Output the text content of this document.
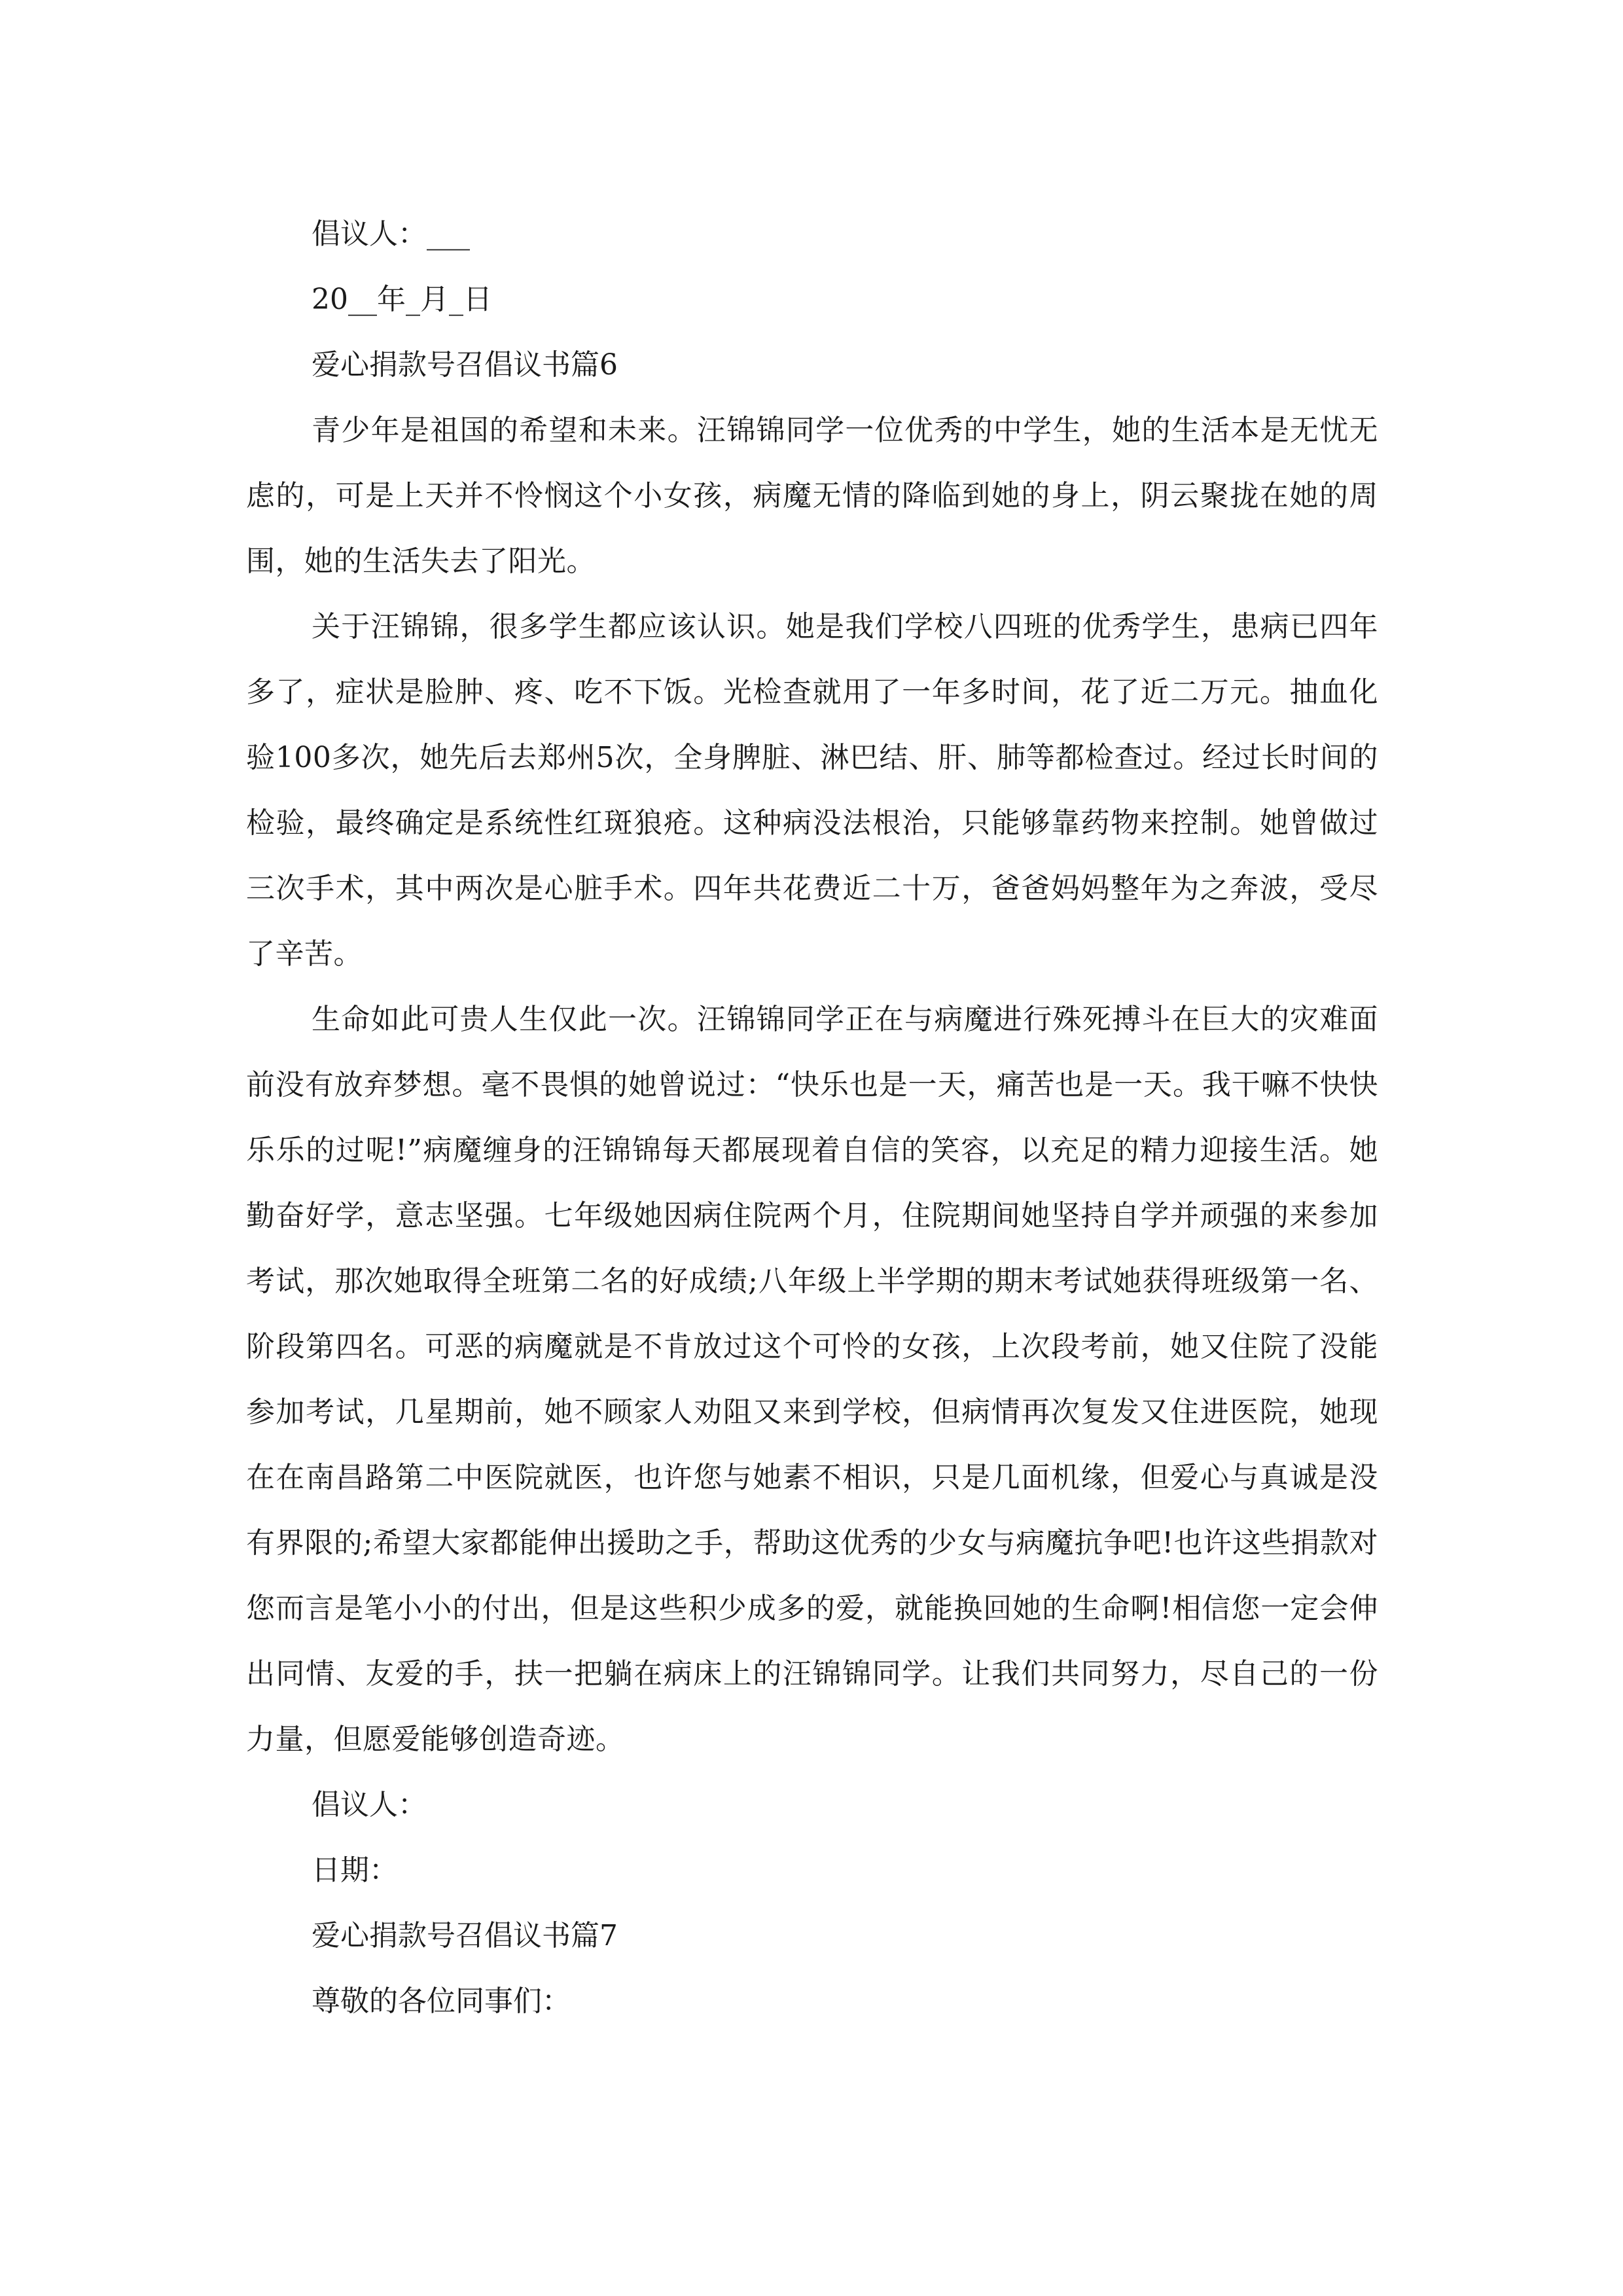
倡议人：___

20__年_月_日

爱心捐款号召倡议书篇6

青少年是祖国的希望和未来。汪锦锦同学一位优秀的中学生，她的生活本是无忧无虑的，可是上天并不怜悯这个小女孩，病魔无情的降临到她的身上，阴云聚拢在她的周围，她的生活失去了阳光。

关于汪锦锦，很多学生都应该认识。她是我们学校八四班的优秀学生，患病已四年多了，症状是脸肿、疼、吃不下饭。光检查就用了一年多时间，花了近二万元。抽血化验100多次，她先后去郑州5次，全身脾脏、淋巴结、肝、肺等都检查过。经过长时间的检验，最终确定是系统性红斑狼疮。这种病没法根治，只能够靠药物来控制。她曾做过三次手术，其中两次是心脏手术。四年共花费近二十万，爸爸妈妈整年为之奔波，受尽了辛苦。

生命如此可贵人生仅此一次。汪锦锦同学正在与病魔进行殊死搏斗在巨大的灾难面前没有放弃梦想。毫不畏惧的她曾说过：“快乐也是一天，痛苦也是一天。我干嘛不快快乐乐的过呢!”病魔缠身的汪锦锦每天都展现着自信的笑容，以充足的精力迎接生活。她勤奋好学，意志坚强。七年级她因病住院两个月，住院期间她坚持自学并顽强的来参加考试，那次她取得全班第二名的好成绩;八年级上半学期的期末考试她获得班级第一名、阶段第四名。可恶的病魔就是不肯放过这个可怜的女孩，上次段考前，她又住院了没能参加考试，几星期前，她不顾家人劝阻又来到学校，但病情再次复发又住进医院，她现在在南昌路第二中医院就医，也许您与她素不相识，只是几面机缘，但爱心与真诚是没有界限的;希望大家都能伸出援助之手，帮助这优秀的少女与病魔抗争吧!也许这些捐款对您而言是笔小小的付出，但是这些积少成多的爱，就能换回她的生命啊!相信您一定会伸出同情、友爱的手，扶一把躺在病床上的汪锦锦同学。让我们共同努力，尽自己的一份力量，但愿爱能够创造奇迹。

倡议人：

日期：

爱心捐款号召倡议书篇7

尊敬的各位同事们：
